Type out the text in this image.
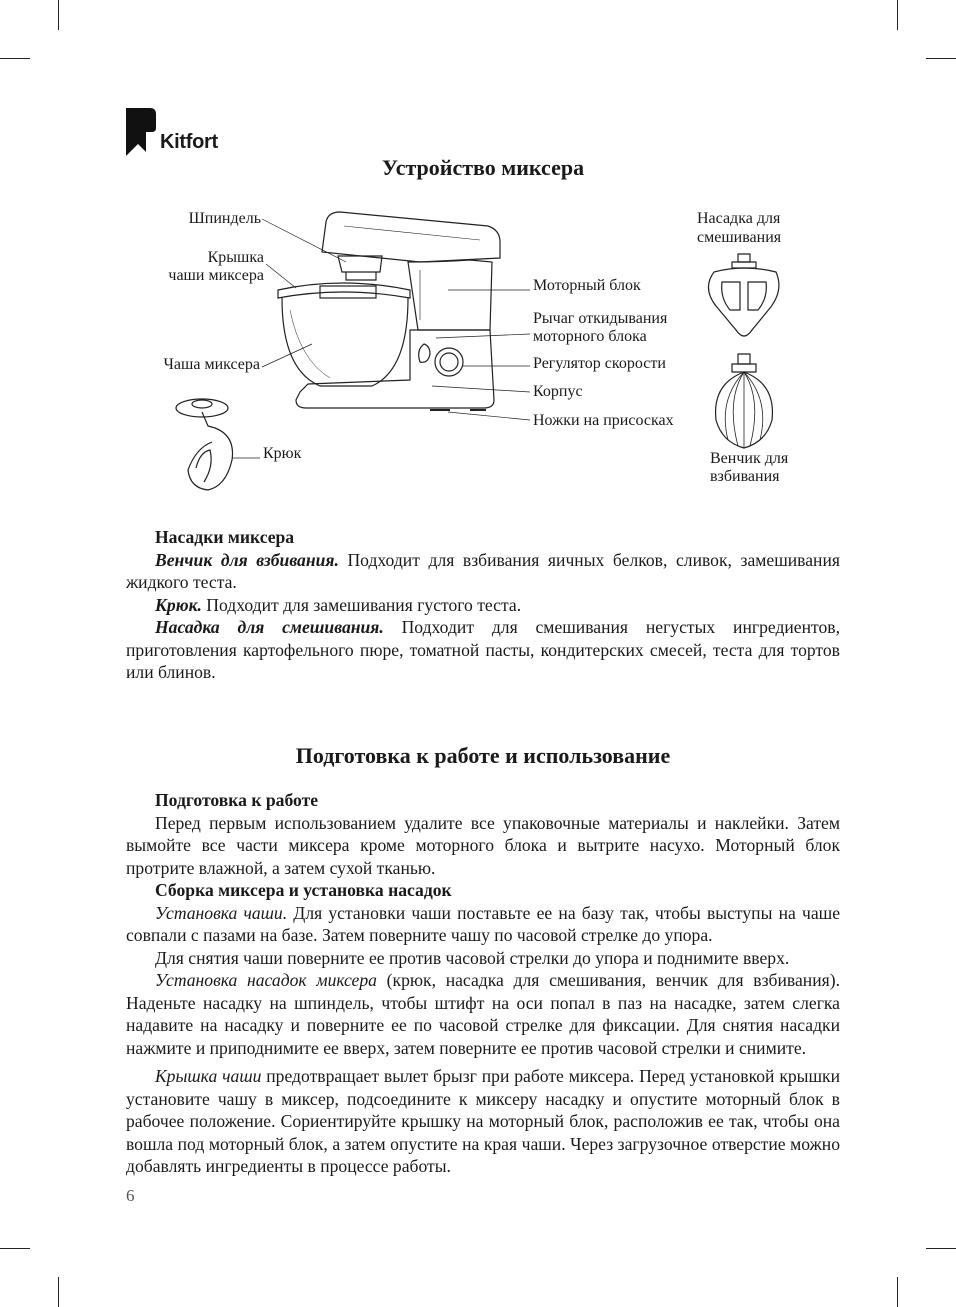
Kitfort
Устройство миксера
Шпиндель
Крышка
чаши миксера
Чаша миксера
Крюк
Моторный блок
Рычаг откидывания
моторного блока
Регулятор скорости
Корпус
Ножки на присосках
Насадка для
смешивания
Венчик для
взбивания

Насадки миксера

Венчик для взбивания. Подходит для взбивания яичных белков, сливок, замешивания жидкого теста.

Крюк. Подходит для замешивания густого теста.

Насадка для смешивания. Подходит для смешивания негустых ингредиентов, приготовления картофельного пюре, томатной пасты, кондитерских смесей, теста для тортов или блинов.

Подготовка к работе и использование

Подготовка к работе

Перед первым использованием удалите все упаковочные материалы и наклейки. Затем вымойте все части миксера кроме моторного блока и вытрите насухо. Моторный блок протрите влажной, а затем сухой тканью.

Сборка миксера и установка насадок

Установка чаши. Для установки чаши поставьте ее на базу так, чтобы выступы на чаше совпали с пазами на базе. Затем поверните чашу по часовой стрелке до упора.

Для снятия чаши поверните ее против часовой стрелки до упора и поднимите вверх.

Установка насадок миксера (крюк, насадка для смешивания, венчик для взбивания). Наденьте насадку на шпиндель, чтобы штифт на оси попал в паз на насадке, затем слегка надавите на насадку и поверните ее по часовой стрелке для фиксации. Для снятия насадки нажмите и приподнимите ее вверх, затем поверните ее против часовой стрелки и снимите.

Крышка чаши предотвращает вылет брызг при работе миксера. Перед установкой крышки установите чашу в миксер, подсоедините к миксеру насадку и опустите моторный блок в рабочее положение. Сориентируйте крышку на моторный блок, расположив ее так, чтобы она вошла под моторный блок, а затем опустите на края чаши. Через загрузочное отверстие можно добавлять ингредиенты в процессе работы.

6
